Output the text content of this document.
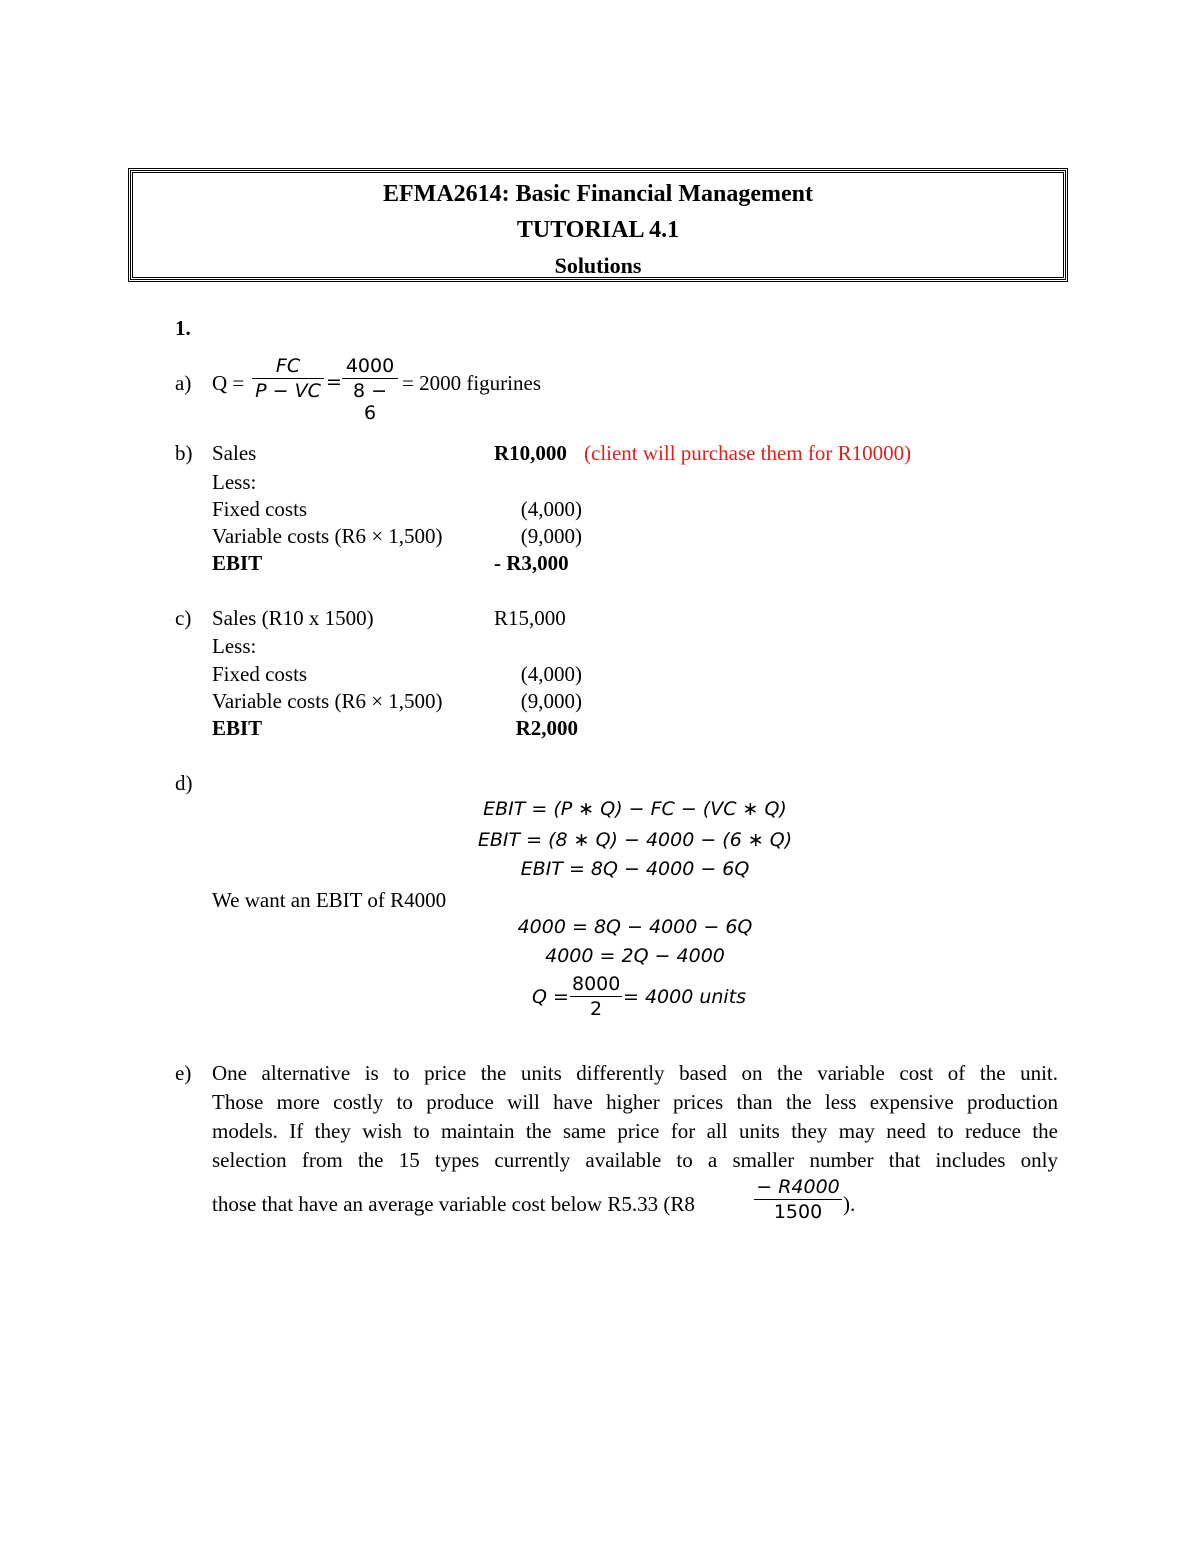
EFMA2614: Basic Financial Management
TUTORIAL 4.1
Solutions
1.
a) Q =
FC
P − VC =
4000
8 − 6
= 2000 figurines
b) Sales	R10,000 (client will purchase them for R10000)
Less:
Fixed costs	(4,000)
Variable costs (R6 × 1,500)	(9,000)
EBIT	- R3,000
c) Sales (R10 x 1500)	R15,000
Less:
Fixed costs	(4,000)
Variable costs (R6 × 1,500)	(9,000)
EBIT	R2,000
d)
EBIT = (P ∗ Q) − FC − (VC ∗ Q)
EBIT = (8 ∗ Q) − 4000 − (6 ∗ Q)
EBIT = 8Q − 4000 − 6Q
We want an EBIT of R4000
4000 = 8Q − 4000 − 6Q
4000 = 2Q − 4000
Q =
8000
2
= 4000 units
e) One alternative is to price the units differently based on the variable cost of the unit.
Those more costly to produce will have higher prices than the less expensive production
models. If they wish to maintain the same price for all units they may need to reduce the
selection from the 15 types currently available to a smaller number that includes only
those that have an average variable cost below R5.33 (R8
− R4000
1500 ).
